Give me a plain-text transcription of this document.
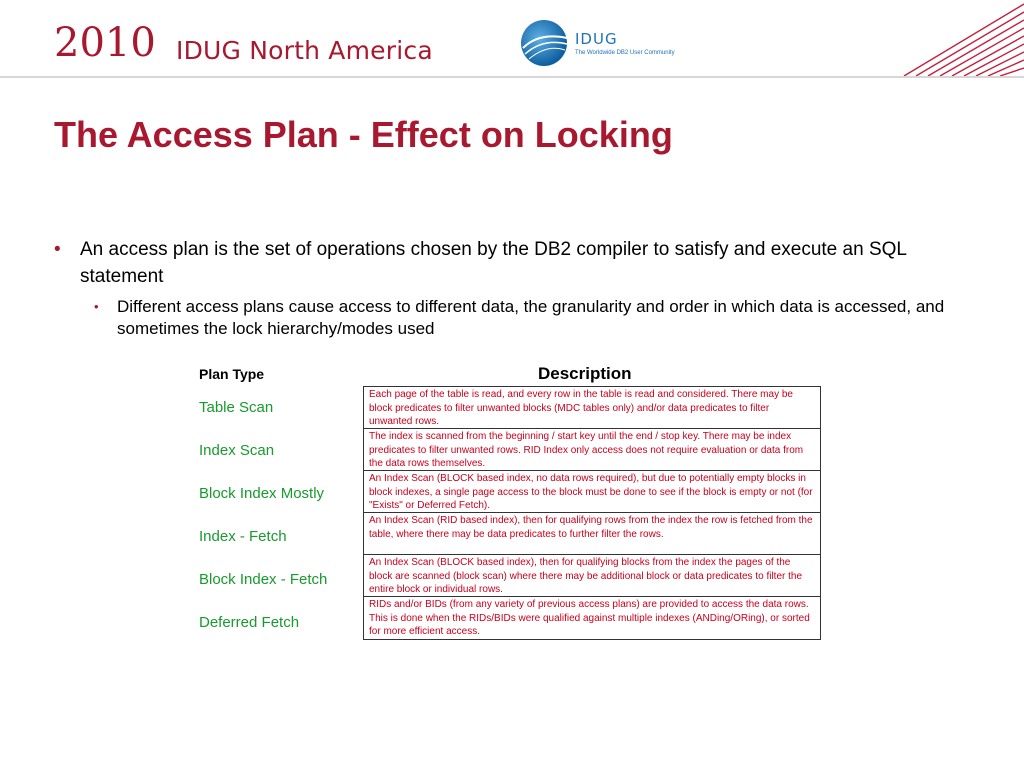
2010 IDUG North America	IDUG
The Worldwide DB2 User Community
The Access Plan - Effect on Locking
• An access plan is the set of operations chosen by the DB2 compiler to satisfy and execute an SQL statement
• Different access plans cause access to different data, the granularity and order in which data is accessed, and sometimes the lock hierarchy/modes used
Plan Type	Description
Table Scan
Index Scan
Block Index Mostly
Index - Fetch
Block Index - Fetch
Deferred Fetch
Each page of the table is read, and every row in the table is read and considered. There may be block predicates to filter unwanted blocks (MDC tables only) and/or data predicates to filter unwanted rows.
The index is scanned from the beginning / start key until the end / stop key. There may be index predicates to filter unwanted rows. RID Index only access does not require evaluation or data from the data rows themselves.
An Index Scan (BLOCK based index, no data rows required), but due to potentially empty blocks in block indexes, a single page access to the block must be done to see if the block is empty or not (for "Exists" or Deferred Fetch).
An Index Scan (RID based index), then for qualifying rows from the index the row is fetched from the table, where there may be data predicates to further filter the rows.
An Index Scan (BLOCK based index), then for qualifying blocks from the index the pages of the block are scanned (block scan) where there may be additional block or data predicates to filter the entire block or individual rows.
RIDs and/or BIDs (from any variety of previous access plans) are provided to access the data rows. This is done when the RIDs/BIDs were qualified against multiple indexes (ANDing/ORing), or sorted for more efficient access.
